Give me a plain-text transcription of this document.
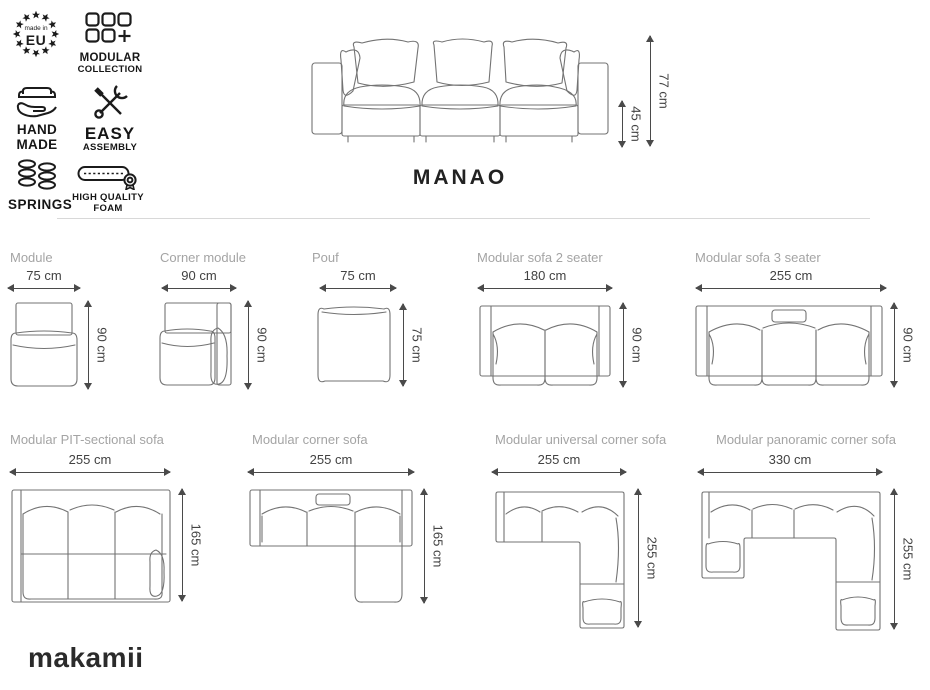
made in
EU
MODULAR
COLLECTION
HAND
MADE
EASY
ASSEMBLY
SPRINGS HIGH QUALITY
FOAM
45 cm
77 cm
MANAO
Module
75 cm
90 cm
Corner module
90 cm
90 cm
Pouf
75 cm
75 cm
Modular sofa 2 seater
180 cm
90 cm
Modular sofa 3 seater
255 cm
90 cm
Modular PIT-sectional sofa
255 cm
165 cm
Modular corner sofa
255 cm
165 cm
Modular universal corner sofa
255 cm
255 cm
Modular panoramic corner sofa
330 cm
255 cm
makamii
